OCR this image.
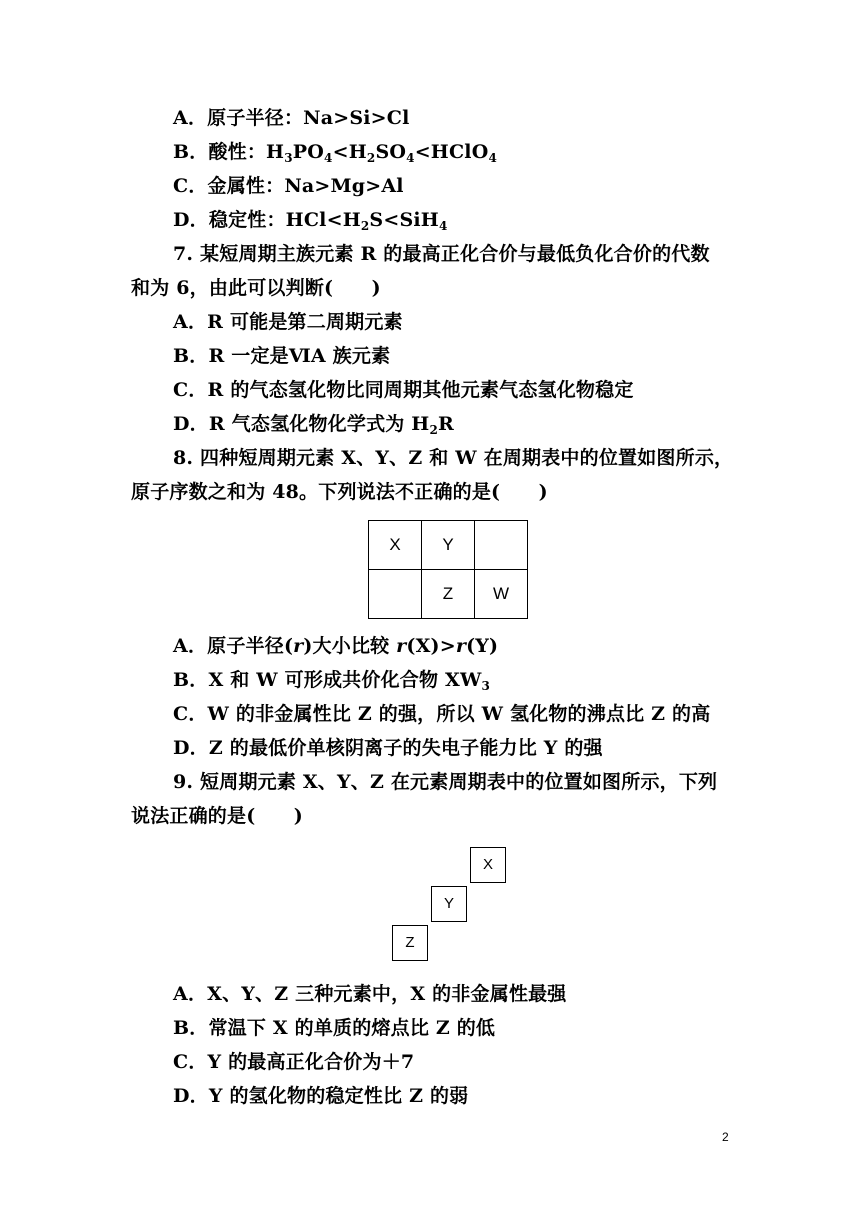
A．原子半径：Na>Si>Cl
B．酸性：$H_3PO_4<H_2SO_4<HClO_4$
C．金属性：Na>Mg>Al
D．稳定性：$HCl<H_2S<SiH_4$
7. 某短周期主族元素 R 的最高正化合价与最低负化合价的代数
和为 6，由此可以判断(　　)
A．R 可能是第二周期元素
B．R 一定是ⅥA 族元素
C．R 的气态氢化物比同周期其他元素气态氢化物稳定
D．R 气态氢化物化学式为 $H_2R$
8. 四种短周期元素 X、Y、Z 和 W 在周期表中的位置如图所示，
原子序数之和为 48。下列说法不正确的是(　　)
X	Y	
	Z	W
A．原子半径(r)大小比较 r(X)>r(Y)
B．X 和 W 可形成共价化合物 $XW_3$
C．W 的非金属性比 Z 的强，所以 W 氢化物的沸点比 Z 的高
D．Z 的最低价单核阴离子的失电子能力比 Y 的强
9. 短周期元素 X、Y、Z 在元素周期表中的位置如图所示，下列
说法正确的是(　　)
X
Y
Z
A．X、Y、Z 三种元素中，X 的非金属性最强
B．常温下 X 的单质的熔点比 Z 的低
C．Y 的最高正化合价为＋7
D．Y 的氢化物的稳定性比 Z 的弱
2
